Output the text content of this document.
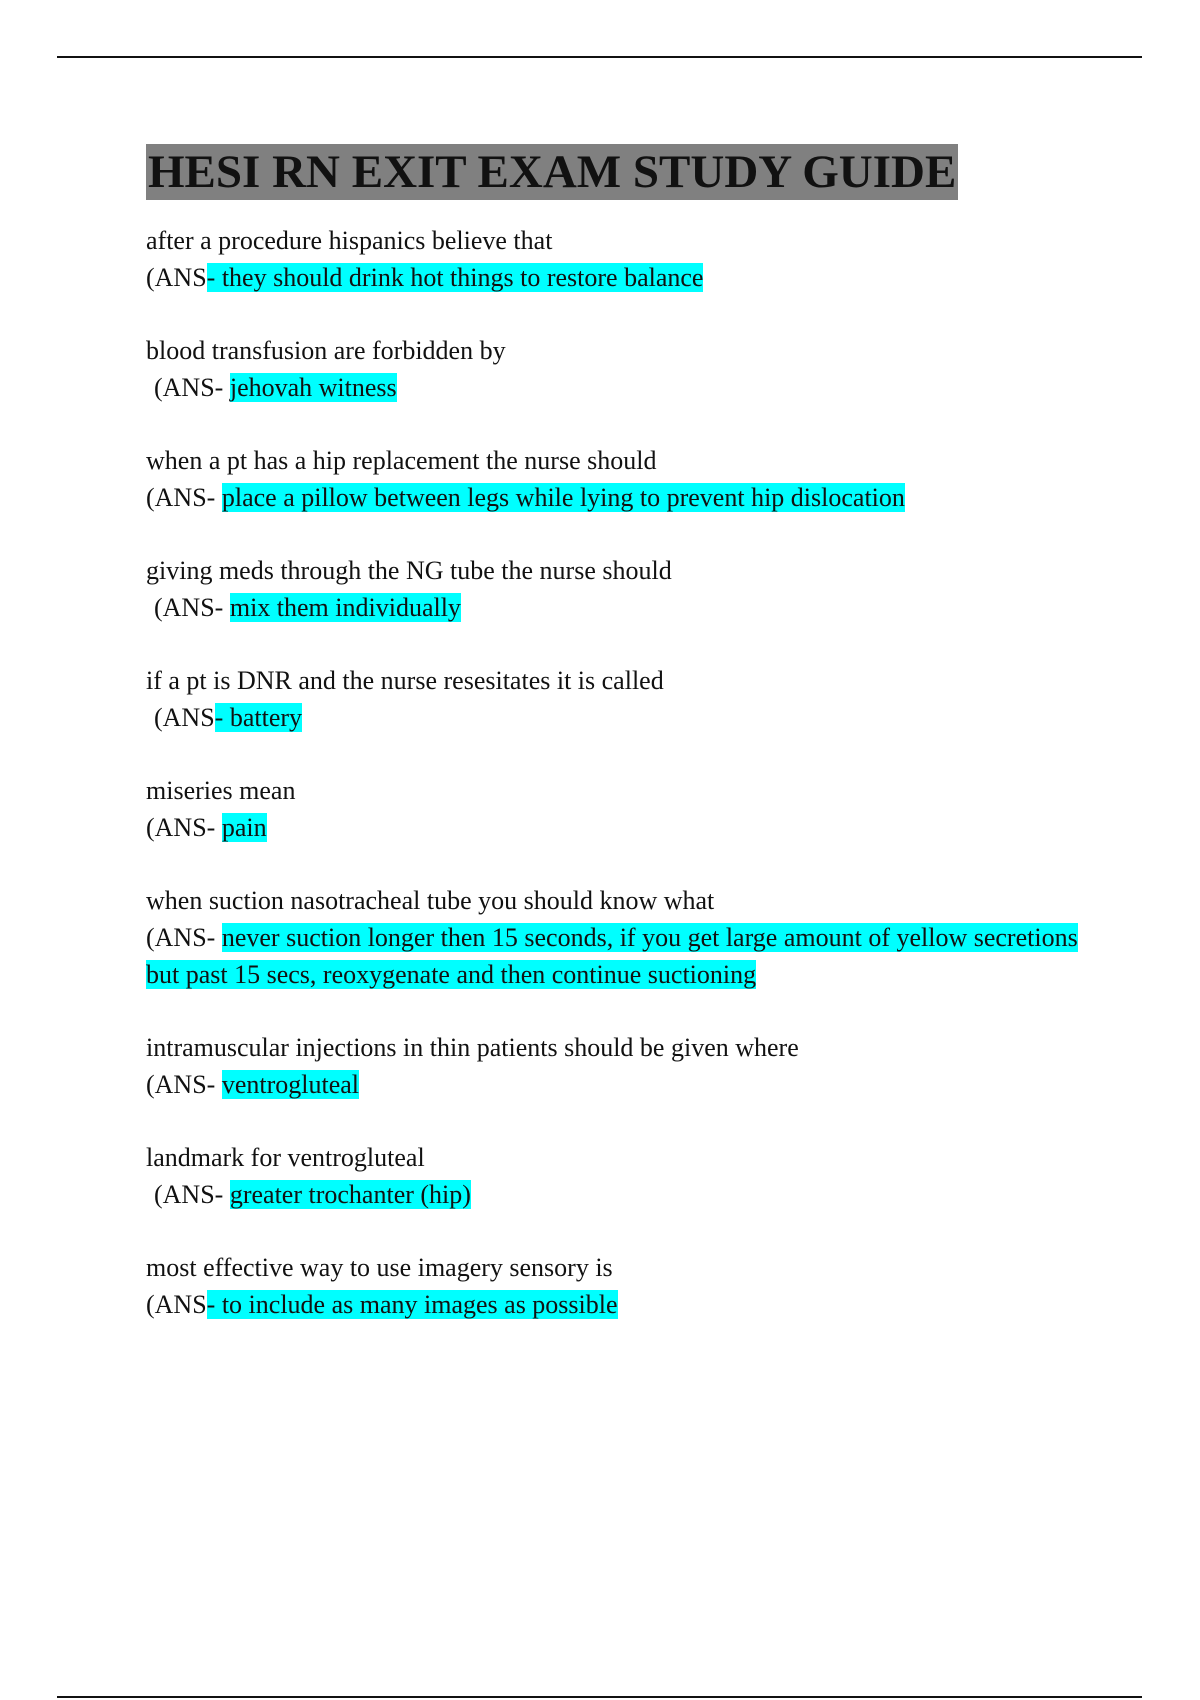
HESI RN EXIT EXAM STUDY GUIDE
after a procedure hispanics believe that
(ANS- they should drink hot things to restore balance
blood transfusion are forbidden by
(ANS- jehovah witness
when a pt has a hip replacement the nurse should
(ANS- place a pillow between legs while lying to prevent hip dislocation
giving meds through the NG tube the nurse should
(ANS- mix them individually
if a pt is DNR and the nurse resesitates it is called
(ANS- battery
miseries mean
(ANS- pain
when suction nasotracheal tube you should know what
(ANS- never suction longer then 15 seconds, if you get large amount of yellow secretions but past 15 secs, reoxygenate and then continue suctioning
intramuscular injections in thin patients should be given where
(ANS- ventrogluteal
landmark for ventrogluteal
(ANS- greater trochanter (hip)
most effective way to use imagery sensory is
(ANS- to include as many images as possible
